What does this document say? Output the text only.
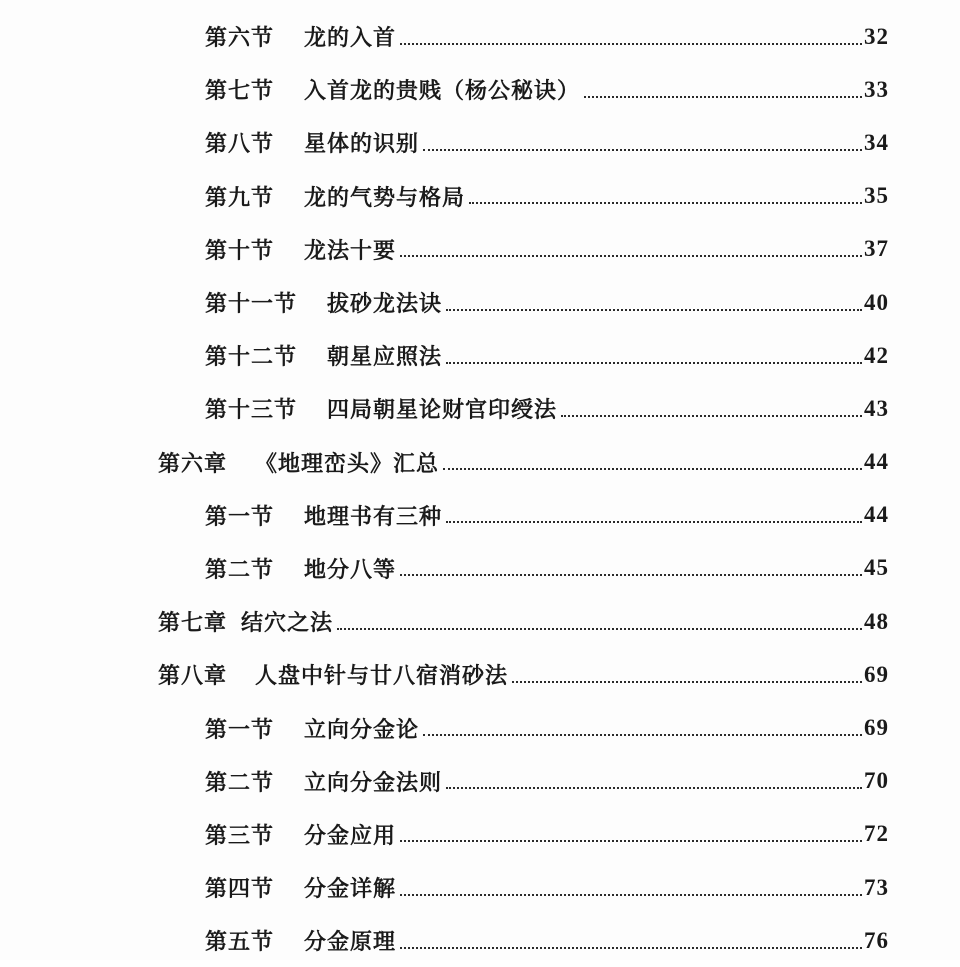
第六节 龙的入首	32
第七节 入首龙的贵贱（杨公秘诀）	33
第八节 星体的识别	34
第九节 龙的气势与格局	35
第十节 龙法十要	37
第十一节 拔砂龙法诀	40
第十二节 朝星应照法	42
第十三节 四局朝星论财官印绶法	43
第六章 《地理峦头》汇总	44
第一节 地理书有三种	44
第二节 地分八等	45
第七章 结穴之法	48
第八章 人盘中针与廿八宿消砂法	69
第一节 立向分金论	69
第二节 立向分金法则	70
第三节 分金应用	72
第四节 分金详解	73
第五节 分金原理	76
